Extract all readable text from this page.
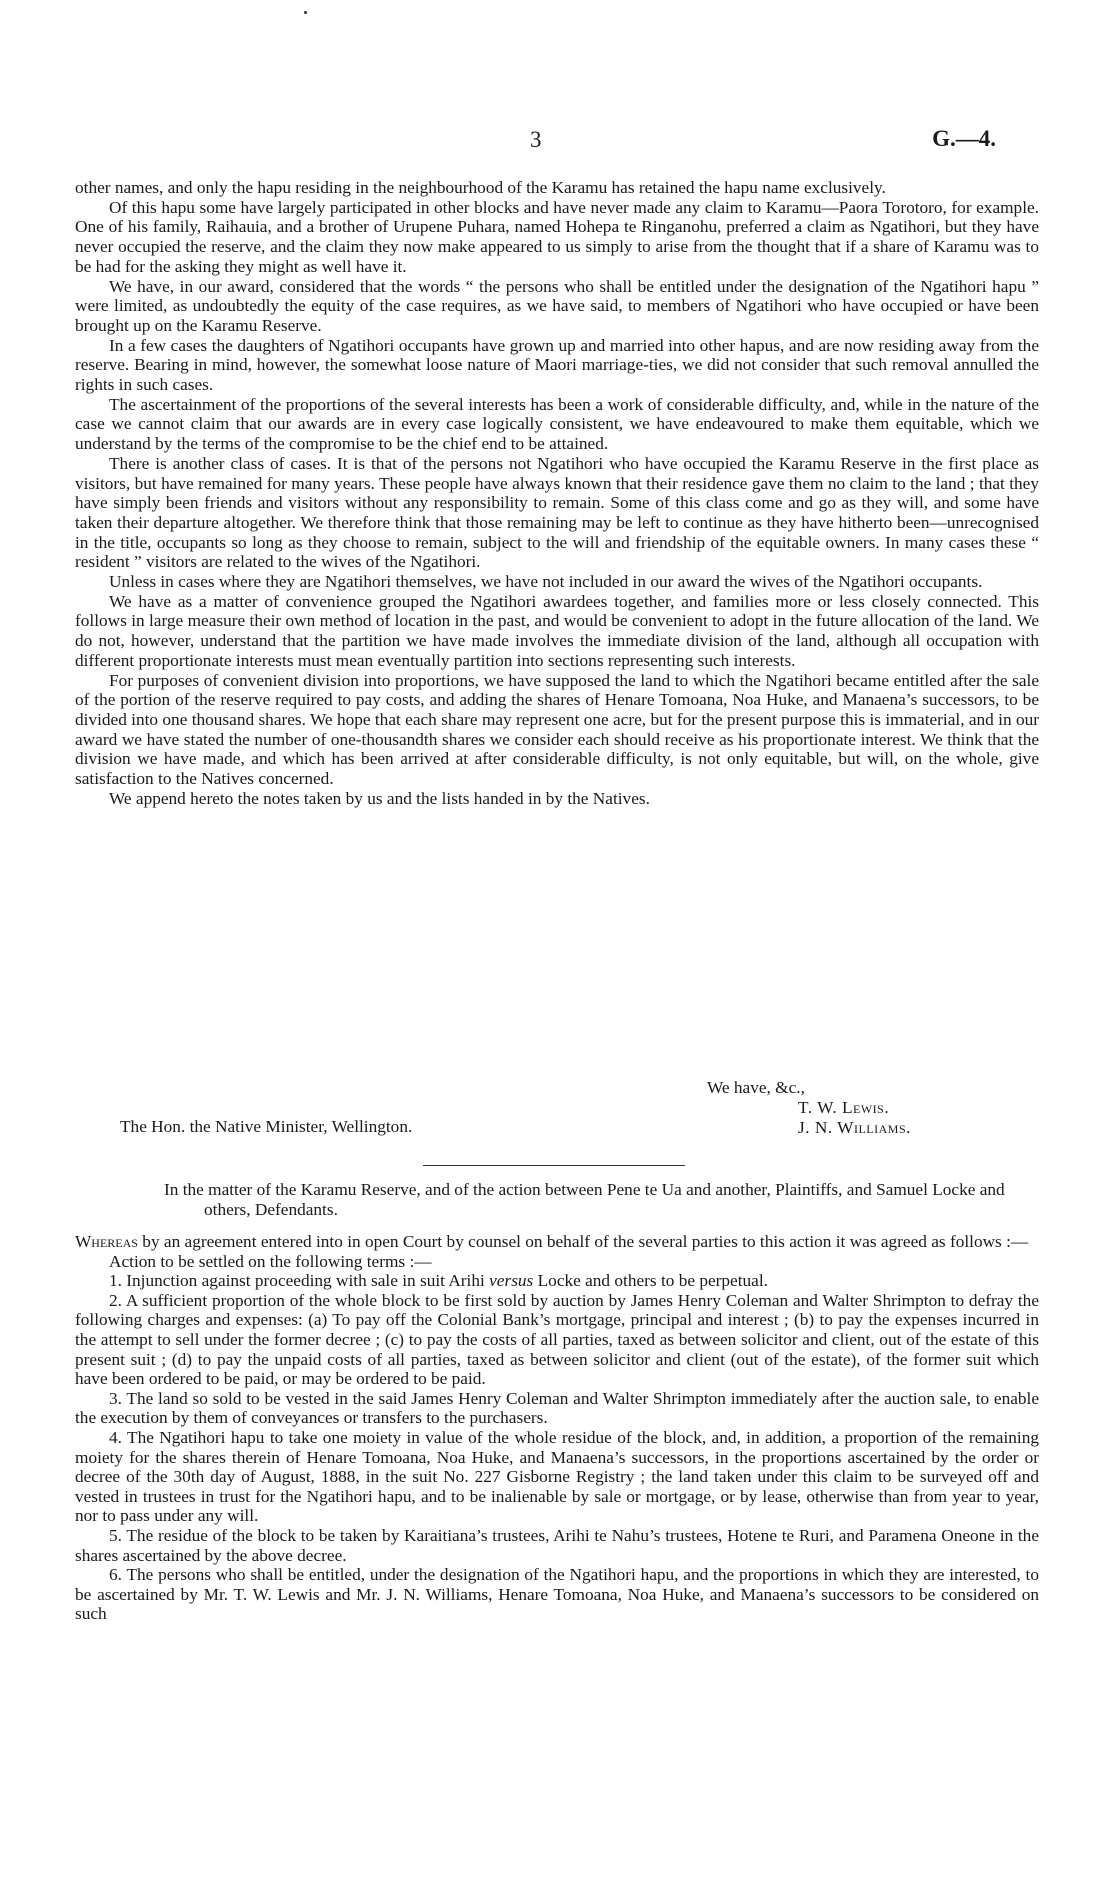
3	G.—4.

other names, and only the hapu residing in the neighbourhood of the Karamu has retained the hapu name exclusively.

Of this hapu some have largely participated in other blocks and have never made any claim to Karamu—Paora Torotoro, for example. One of his family, Raihauia, and a brother of Urupene Puhara, named Hohepa te Ringanohu, preferred a claim as Ngatihori, but they have never occupied the reserve, and the claim they now make appeared to us simply to arise from the thought that if a share of Karamu was to be had for the asking they might as well have it.

We have, in our award, considered that the words “ the persons who shall be entitled under the designation of the Ngatihori hapu ” were limited, as undoubtedly the equity of the case requires, as we have said, to members of Ngatihori who have occupied or have been brought up on the Karamu Reserve.

In a few cases the daughters of Ngatihori occupants have grown up and married into other hapus, and are now residing away from the reserve. Bearing in mind, however, the somewhat loose nature of Maori marriage-ties, we did not consider that such removal annulled the rights in such cases.

The ascertainment of the proportions of the several interests has been a work of considerable difficulty, and, while in the nature of the case we cannot claim that our awards are in every case logically consistent, we have endeavoured to make them equitable, which we understand by the terms of the compromise to be the chief end to be attained.

There is another class of cases. It is that of the persons not Ngatihori who have occupied the Karamu Reserve in the first place as visitors, but have remained for many years. These people have always known that their residence gave them no claim to the land ; that they have simply been friends and visitors without any responsibility to remain. Some of this class come and go as they will, and some have taken their departure altogether. We therefore think that those remaining may be left to continue as they have hitherto been—unrecognised in the title, occupants so long as they choose to remain, subject to the will and friendship of the equitable owners. In many cases these “ resident ” visitors are related to the wives of the Ngatihori.

Unless in cases where they are Ngatihori themselves, we have not included in our award the wives of the Ngatihori occupants.

We have as a matter of convenience grouped the Ngatihori awardees together, and families more or less closely connected. This follows in large measure their own method of location in the past, and would be convenient to adopt in the future allocation of the land. We do not, however, understand that the partition we have made involves the immediate division of the land, although all occupation with different proportionate interests must mean eventually partition into sections representing such interests.

For purposes of convenient division into proportions, we have supposed the land to which the Ngatihori became entitled after the sale of the portion of the reserve required to pay costs, and adding the shares of Henare Tomoana, Noa Huke, and Manaena’s successors, to be divided into one thousand shares. We hope that each share may represent one acre, but for the present purpose this is immaterial, and in our award we have stated the number of one-thousandth shares we consider each should receive as his proportionate interest. We think that the division we have made, and which has been arrived at after considerable difficulty, is not only equitable, but will, on the whole, give satisfaction to the Natives concerned.

We append hereto the notes taken by us and the lists handed in by the Natives.

We have, &c.,
The Hon. the Native Minister, Wellington.
T. W. Lewis.
J. N. Williams.
In the matter of the Karamu Reserve, and of the action between Pene te Ua and another, Plaintiffs, and Samuel Locke and others, Defendants.

Whereas by an agreement entered into in open Court by counsel on behalf of the several parties to this action it was agreed as follows :—

Action to be settled on the following terms :—

1. Injunction against proceeding with sale in suit Arihi versus Locke and others to be perpetual.

2. A sufficient proportion of the whole block to be first sold by auction by James Henry Coleman and Walter Shrimpton to defray the following charges and expenses: (a) To pay off the Colonial Bank’s mortgage, principal and interest ; (b) to pay the expenses incurred in the attempt to sell under the former decree ; (c) to pay the costs of all parties, taxed as between solicitor and client, out of the estate of this present suit ; (d) to pay the unpaid costs of all parties, taxed as between solicitor and client (out of the estate), of the former suit which have been ordered to be paid, or may be ordered to be paid.

3. The land so sold to be vested in the said James Henry Coleman and Walter Shrimpton immediately after the auction sale, to enable the execution by them of conveyances or transfers to the purchasers.

4. The Ngatihori hapu to take one moiety in value of the whole residue of the block, and, in addition, a proportion of the remaining moiety for the shares therein of Henare Tomoana, Noa Huke, and Manaena’s successors, in the proportions ascertained by the order or decree of the 30th day of August, 1888, in the suit No. 227 Gisborne Registry ; the land taken under this claim to be surveyed off and vested in trustees in trust for the Ngatihori hapu, and to be inalienable by sale or mortgage, or by lease, otherwise than from year to year, nor to pass under any will.

5. The residue of the block to be taken by Karaitiana’s trustees, Arihi te Nahu’s trustees, Hotene te Ruri, and Paramena Oneone in the shares ascertained by the above decree.

6. The persons who shall be entitled, under the designation of the Ngatihori hapu, and the proportions in which they are interested, to be ascertained by Mr. T. W. Lewis and Mr. J. N. Williams, Henare Tomoana, Noa Huke, and Manaena’s successors to be considered on such
